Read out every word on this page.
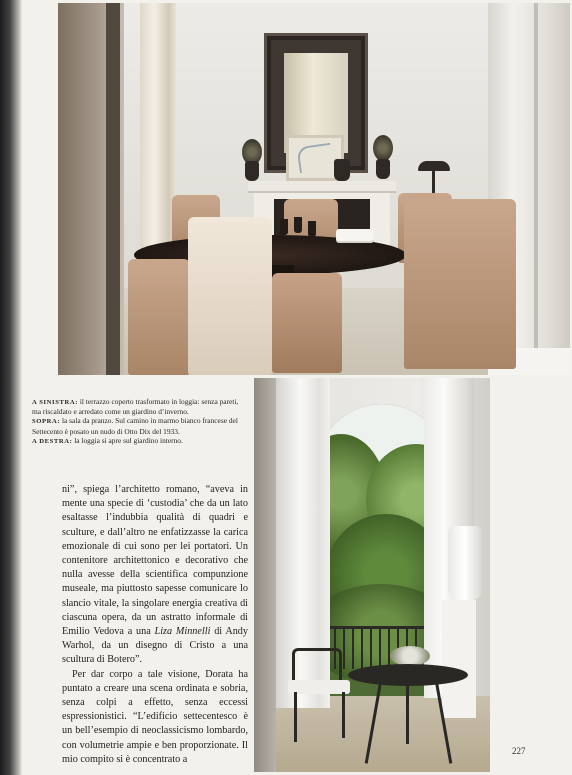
A SINISTRA: il terrazzo coperto trasformato in loggia: senza pareti, ma riscaldato e arredato come un giardino d’inverno.

SOPRA: la sala da pranzo. Sul camino in marmo bianco francese del Settecento è posato un nudo di Otto Dix del 1933.

A DESTRA: la loggia si apre sul giardino interno.

ni”, spiega l’architetto romano, “aveva in mente una specie di ‘custodia’ che da un lato esaltasse l’indubbia qualità di quadri e sculture, e dall’altro ne enfatizzasse la carica emozionale di cui sono per lei portatori. Un contenitore architettonico e decorativo che nulla avesse della scientifica compunzione museale, ma piuttosto sapesse comunicare lo slancio vitale, la singolare energia creativa di ciascuna opera, da un astratto informale di Emilio Vedova a una Liza Minnelli di Andy Warhol, da un disegno di Cristo a una scultura di Botero”.

Per dar corpo a tale visione, Dorata ha puntato a creare una scena ordinata e sobria, senza colpi a effetto, senza eccessi espressionistici. “L’edificio settecentesco è un bell’esempio di neoclassicismo lombardo, con volumetrie ampie e ben proporzionate. Il mio compito si è concentrato a

227
